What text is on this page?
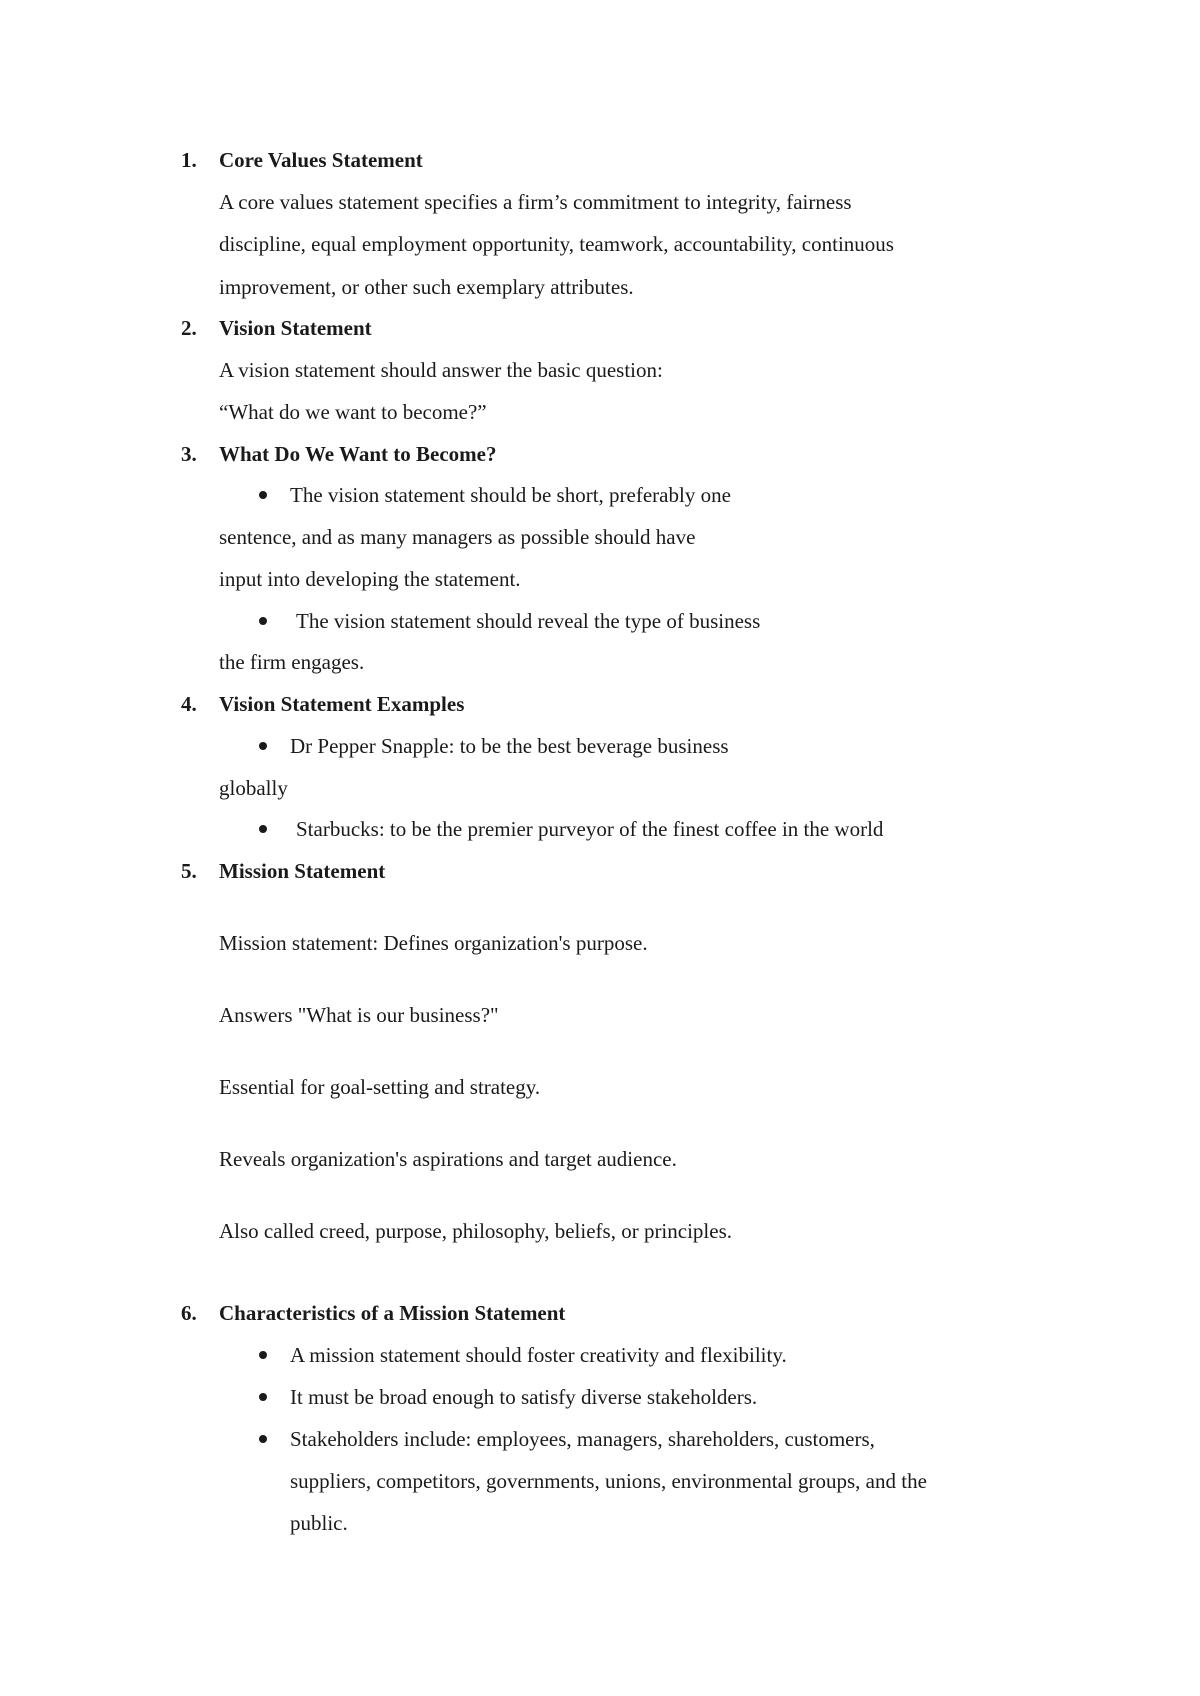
1. Core Values Statement
A core values statement specifies a firm’s commitment to integrity, fairness
discipline, equal employment opportunity, teamwork, accountability, continuous
improvement, or other such exemplary attributes.
2. Vision Statement
A vision statement should answer the basic question:
“What do we want to become?”
3. What Do We Want to Become?
The vision statement should be short, preferably one
sentence, and as many managers as possible should have
input into developing the statement.
The vision statement should reveal the type of business
the firm engages.
4. Vision Statement Examples
Dr Pepper Snapple: to be the best beverage business
globally
Starbucks: to be the premier purveyor of the finest coffee in the world
5. Mission Statement
Mission statement: Defines organization's purpose.
Answers "What is our business?"
Essential for goal-setting and strategy.
Reveals organization's aspirations and target audience.
Also called creed, purpose, philosophy, beliefs, or principles.
6. Characteristics of a Mission Statement
A mission statement should foster creativity and flexibility.
It must be broad enough to satisfy diverse stakeholders.
Stakeholders include: employees, managers, shareholders, customers,
suppliers, competitors, governments, unions, environmental groups, and the
public.
